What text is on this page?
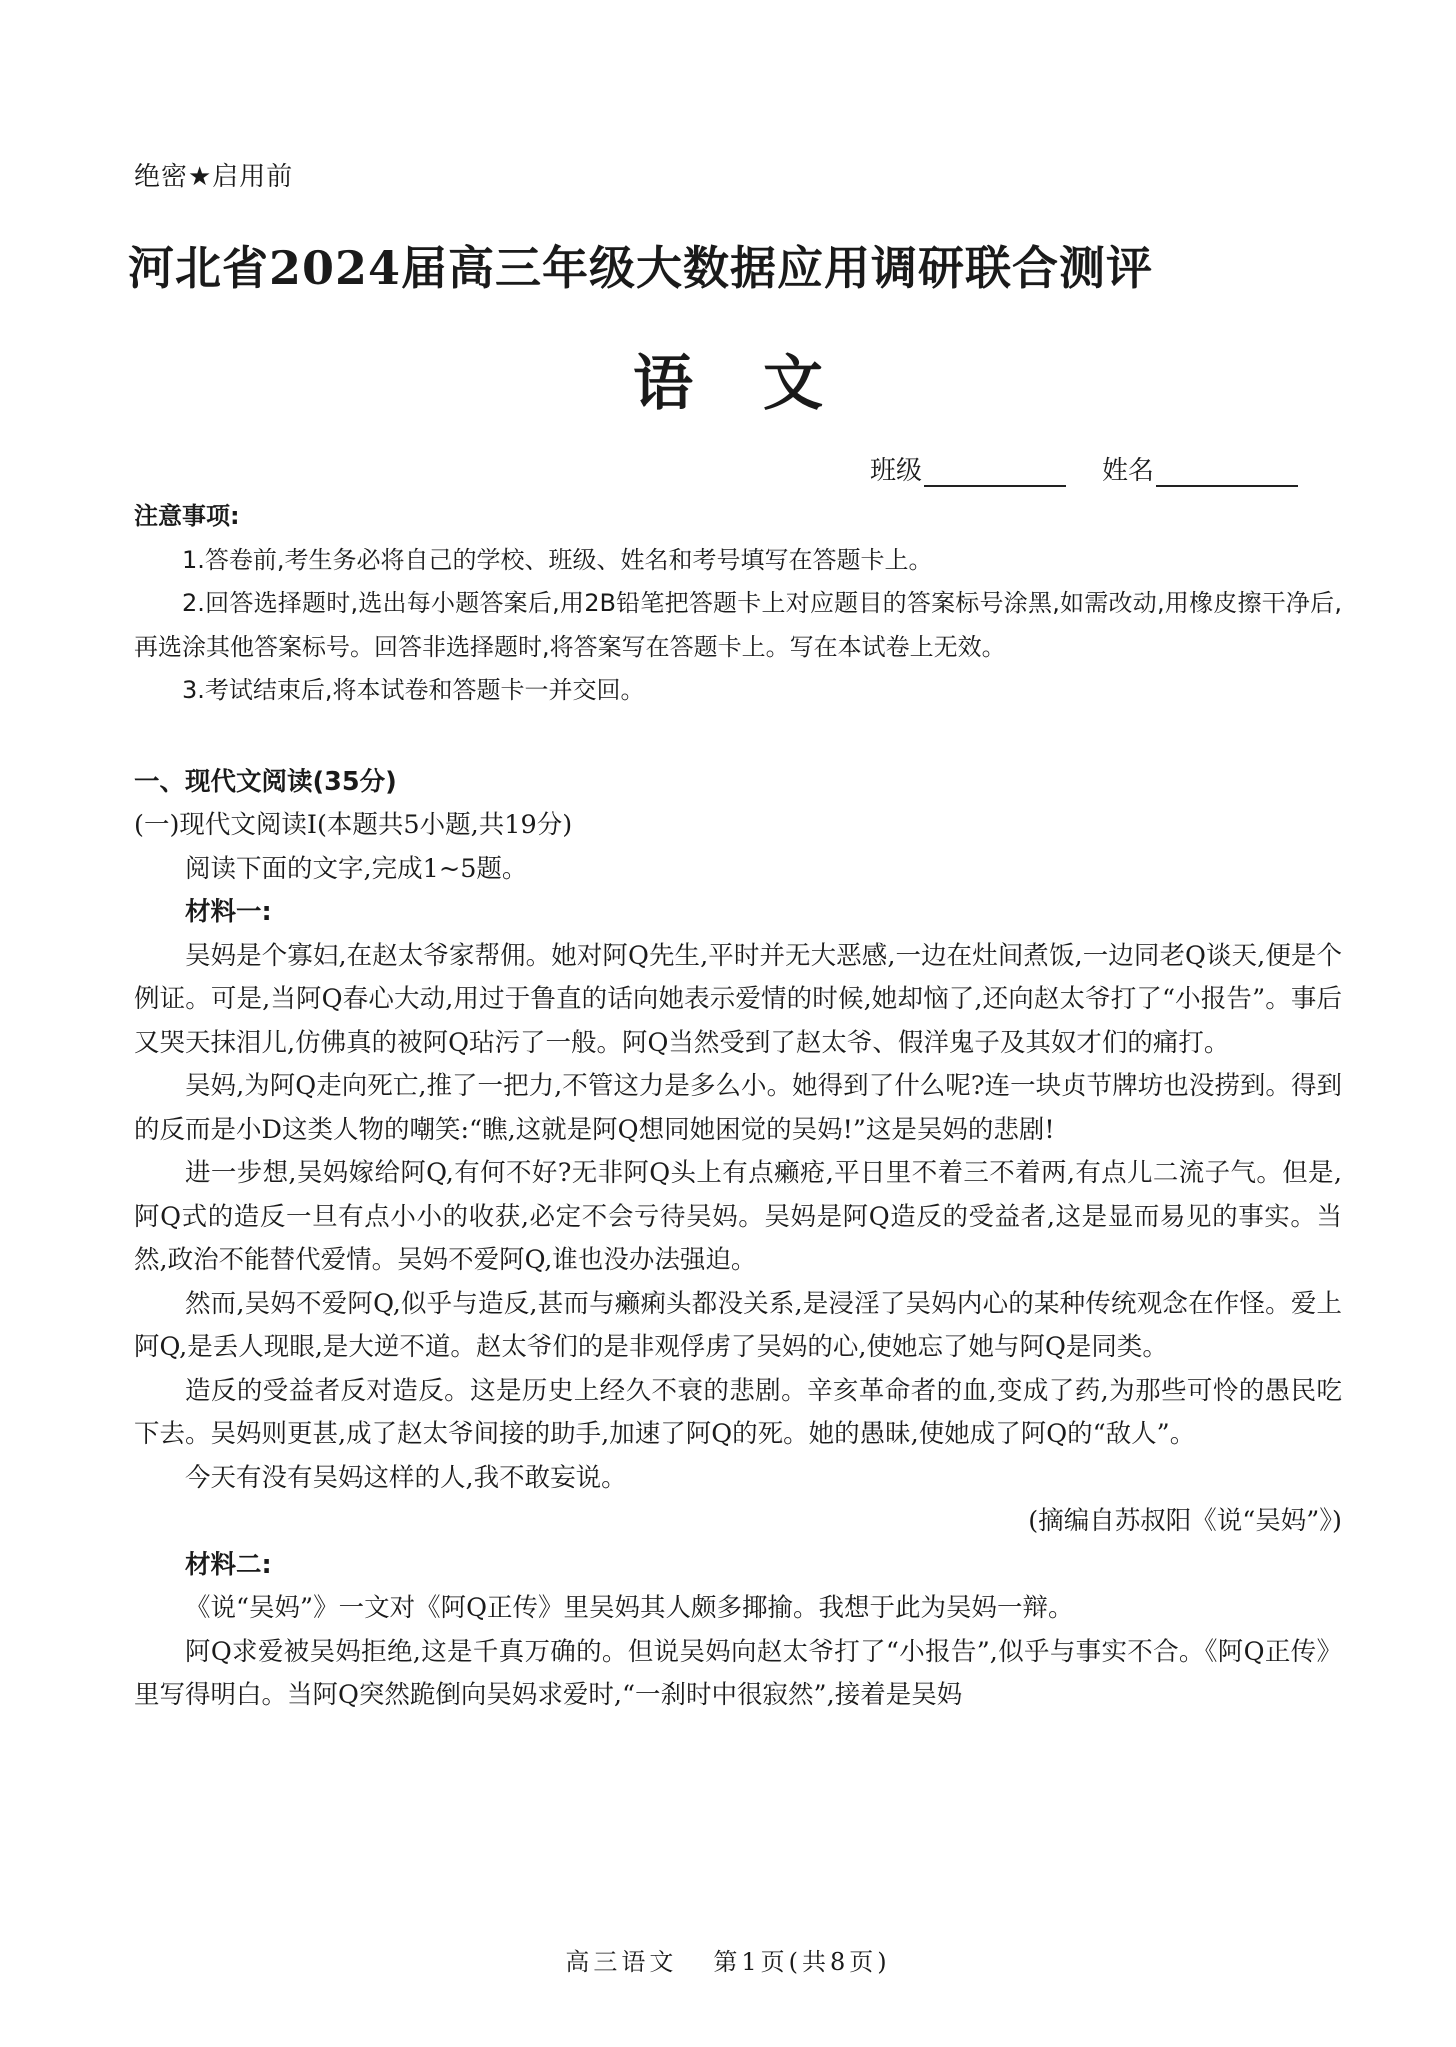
绝密★启用前
河北省2024届高三年级大数据应用调研联合测评
语文
班级	姓名

注意事项:

1.答卷前,考生务必将自己的学校、班级、姓名和考号填写在答题卡上。

2.回答选择题时,选出每小题答案后,用2B铅笔把答题卡上对应题目的答案标号涂黑,如需改动,用橡皮擦干净后,再选涂其他答案标号。回答非选择题时,将答案写在答题卡上。写在本试卷上无效。

3.考试结束后,将本试卷和答题卡一并交回。

一、现代文阅读(35分)

(一)现代文阅读Ⅰ(本题共5小题,共19分)

阅读下面的文字,完成1~5题。

材料一:

吴妈是个寡妇,在赵太爷家帮佣。她对阿Q先生,平时并无大恶感,一边在灶间煮饭,一边同老Q谈天,便是个例证。可是,当阿Q春心大动,用过于鲁直的话向她表示爱情的时候,她却恼了,还向赵太爷打了“小报告”。事后又哭天抹泪儿,仿佛真的被阿Q玷污了一般。阿Q当然受到了赵太爷、假洋鬼子及其奴才们的痛打。

吴妈,为阿Q走向死亡,推了一把力,不管这力是多么小。她得到了什么呢?连一块贞节牌坊也没捞到。得到的反而是小D这类人物的嘲笑:“瞧,这就是阿Q想同她困觉的吴妈!”这是吴妈的悲剧!

进一步想,吴妈嫁给阿Q,有何不好?无非阿Q头上有点癞疮,平日里不着三不着两,有点儿二流子气。但是,阿Q式的造反一旦有点小小的收获,必定不会亏待吴妈。吴妈是阿Q造反的受益者,这是显而易见的事实。当然,政治不能替代爱情。吴妈不爱阿Q,谁也没办法强迫。

然而,吴妈不爱阿Q,似乎与造反,甚而与癞痢头都没关系,是浸淫了吴妈内心的某种传统观念在作怪。爱上阿Q,是丢人现眼,是大逆不道。赵太爷们的是非观俘虏了吴妈的心,使她忘了她与阿Q是同类。

造反的受益者反对造反。这是历史上经久不衰的悲剧。辛亥革命者的血,变成了药,为那些可怜的愚民吃下去。吴妈则更甚,成了赵太爷间接的助手,加速了阿Q的死。她的愚昧,使她成了阿Q的“敌人”。

今天有没有吴妈这样的人,我不敢妄说。

(摘编自苏叔阳《说“吴妈”》)

材料二:

《说“吴妈”》一文对《阿Q正传》里吴妈其人颇多揶揄。我想于此为吴妈一辩。

阿Q求爱被吴妈拒绝,这是千真万确的。但说吴妈向赵太爷打了“小报告”,似乎与事实不合。《阿Q正传》里写得明白。当阿Q突然跪倒向吴妈求爱时,“一刹时中很寂然”,接着是吴妈

高三语文 第1页(共8页)
